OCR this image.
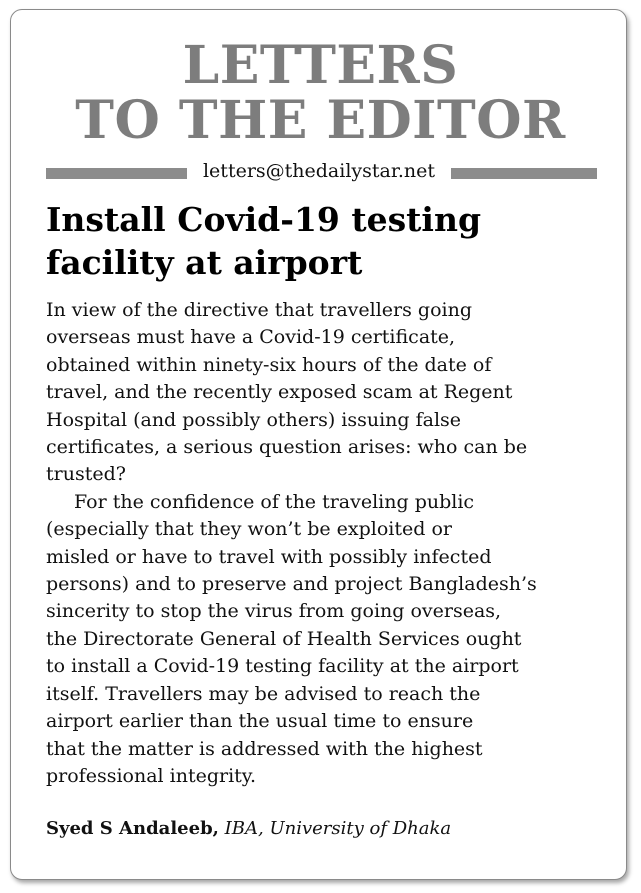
LETTERS
TO THE EDITOR
letters@thedailystar.net
Install Covid-19 testing
facility at airport

In view of the directive that travellers going
overseas must have a Covid-19 certificate,
obtained within ninety-six hours of the date of
travel, and the recently exposed scam at Regent
Hospital (and possibly others) issuing false
certificates, a serious question arises: who can be
trusted?

For the confidence of the traveling public
(especially that they won’t be exploited or
misled or have to travel with possibly infected
persons) and to preserve and project Bangladesh’s
sincerity to stop the virus from going overseas,
the Directorate General of Health Services ought
to install a Covid-19 testing facility at the airport
itself. Travellers may be advised to reach the
airport earlier than the usual time to ensure
that the matter is addressed with the highest
professional integrity.

Syed S Andaleeb, IBA, University of Dhaka
